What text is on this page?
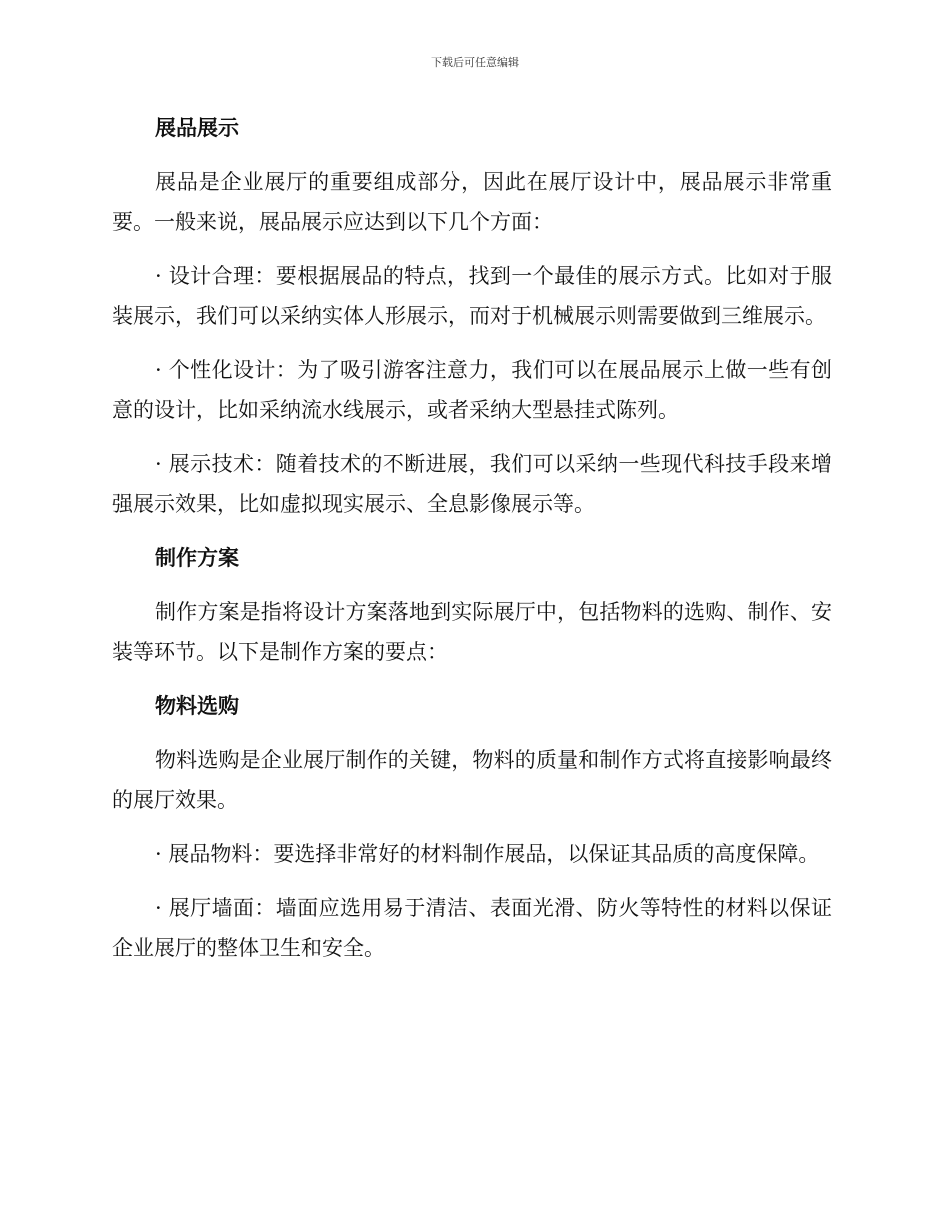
下载后可任意编辑
展品展示

展品是企业展厅的重要组成部分，因此在展厅设计中，展品展示非常重要。一般来说，展品展示应达到以下几个方面：

· 设计合理：要根据展品的特点，找到一个最佳的展示方式。比如对于服装展示，我们可以采纳实体人形展示，而对于机械展示则需要做到三维展示。

· 个性化设计：为了吸引游客注意力，我们可以在展品展示上做一些有创意的设计，比如采纳流水线展示，或者采纳大型悬挂式陈列。

· 展示技术：随着技术的不断进展，我们可以采纳一些现代科技手段来增强展示效果，比如虚拟现实展示、全息影像展示等。

制作方案

制作方案是指将设计方案落地到实际展厅中，包括物料的选购、制作、安装等环节。以下是制作方案的要点：

物料选购

物料选购是企业展厅制作的关键，物料的质量和制作方式将直接影响最终的展厅效果。

· 展品物料：要选择非常好的材料制作展品，以保证其品质的高度保障。

· 展厅墙面：墙面应选用易于清洁、表面光滑、防火等特性的材料以保证企业展厅的整体卫生和安全。
